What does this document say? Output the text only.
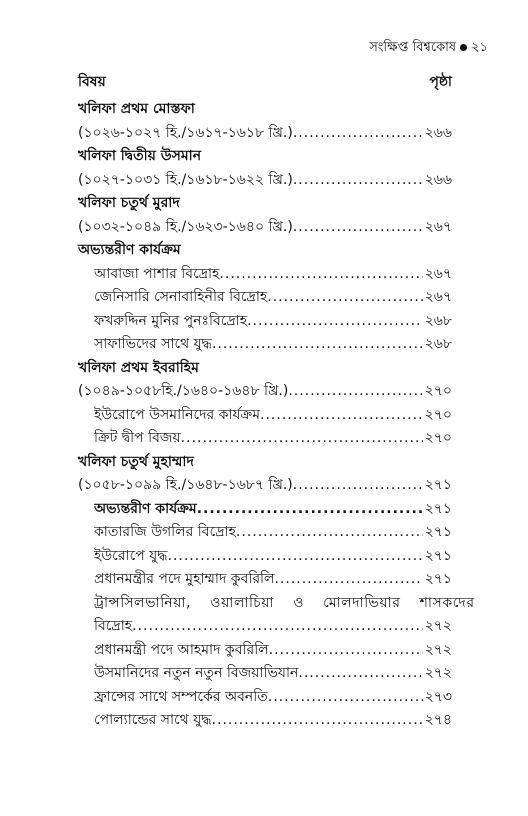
সংক্ষিপ্ত বিশ্বকোষ ২১
বিষয়	পৃষ্ঠা
খলিফা প্রথম মোস্তফা
(১০২৬-১০২৭ হি./১৬১৭-১৬১৮ খ্রি.) .....	২৬৬
খলিফা দ্বিতীয় উসমান
(১০২৭-১০৩১ হি./১৬১৮-১৬২২ খ্রি.) .....	২৬৬
খলিফা চতুর্থ মুরাদ
(১০৩২-১০৪৯ হি./১৬২৩-১৬৪০ খ্রি.) .....	২৬৭
অভ্যন্তরীণ কার্যক্রম
আবাজা পাশার বিদ্রোহ .....	২৬৭
জেনিসারি সেনাবাহিনীর বিদ্রোহ .....	২৬৭
ফখরুদ্দিন মুনির পুনঃবিদ্রোহ .....	২৬৮
সাফাভিদের সাথে যুদ্ধ .....	২৬৮
খলিফা প্রথম ইবরাহিম
(১০৪৯-১০৫৮হি./১৬৪০-১৬৪৮ খ্রি.) .....	২৭০
ইউরোপে উসমানিদের কার্যক্রম .....	২৭০
ক্রিট দ্বীপ বিজয় .....	২৭০
খলিফা চতুর্থ মুহাম্মাদ
(১০৫৮-১০৯৯ হি./১৬৪৮-১৬৮৭ খ্রি.) .....	২৭১
অভ্যন্তরীণ কার্যক্রম .....	২৭১
কাতারজি উগলির বিদ্রোহ .....	২৭১
ইউরোপে যুদ্ধ .....	২৭১
প্রধানমন্ত্রীর পদে মুহাম্মাদ কুবরিলি .....	২৭১
ট্রান্সসিলভানিয়া, ওয়ালাচিয়া ও মোলদাভিয়ার শাসকদের
বিদ্রোহ .....	২৭২
প্রধানমন্ত্রী পদে আহমাদ কুবরিলি .....	২৭২
উসমানিদের নতুন নতুন বিজয়াভিযান .....	২৭২
ফ্রান্সের সাথে সম্পর্কের অবনতি .....	২৭৩
পোল্যান্ডের সাথে যুদ্ধ .....	২৭৪
